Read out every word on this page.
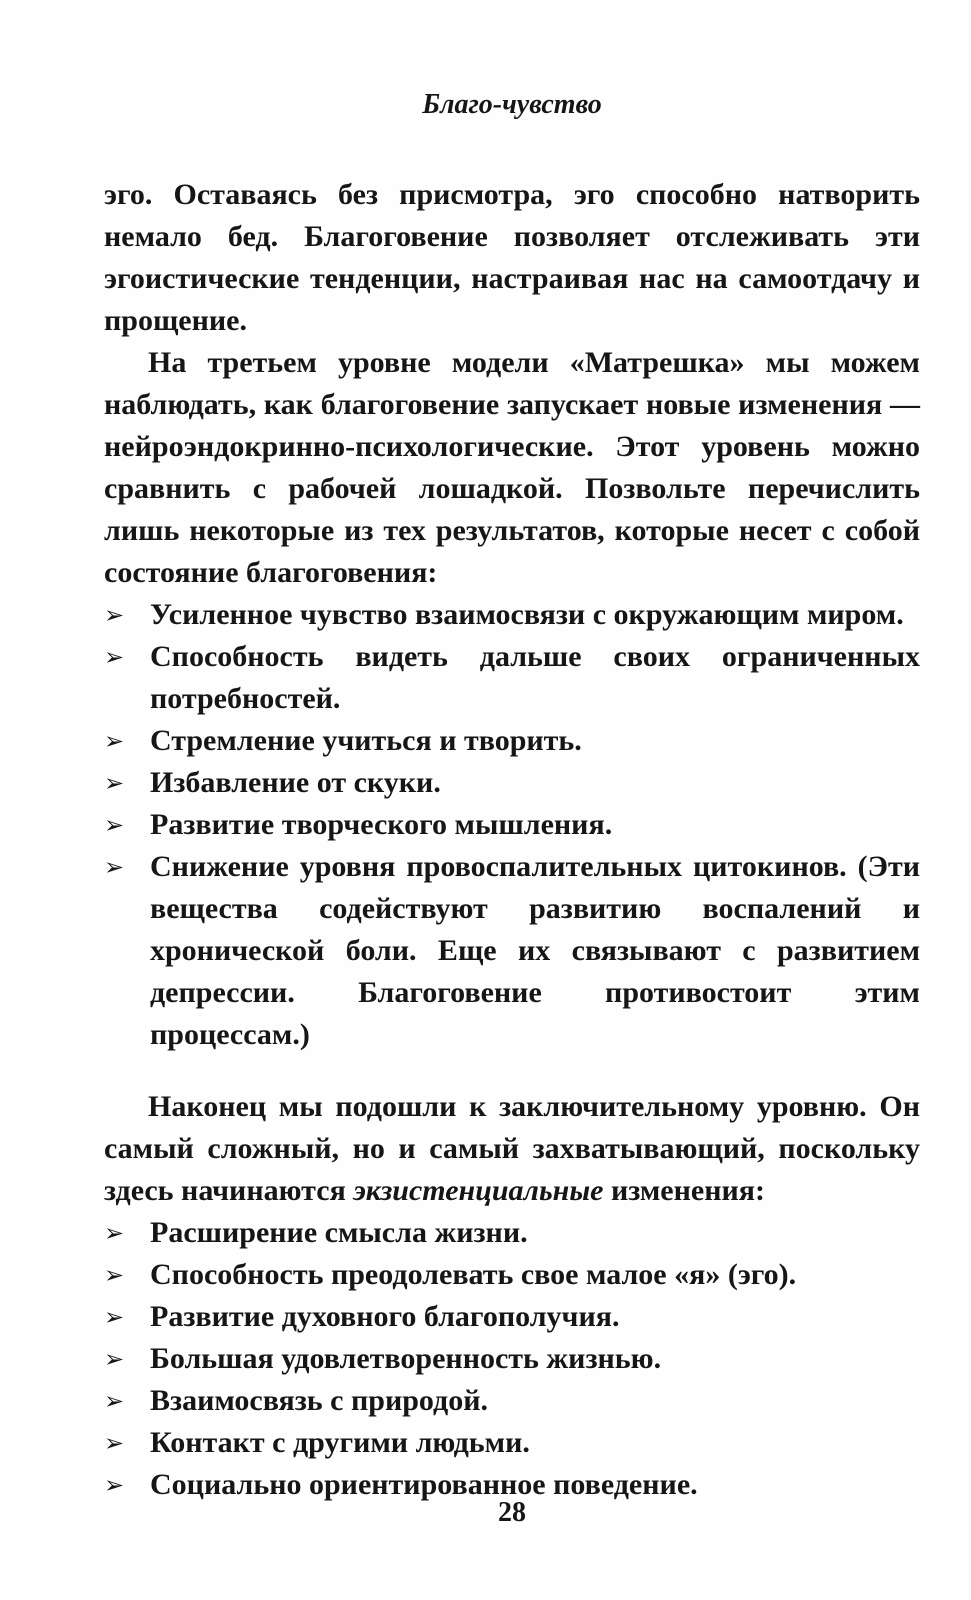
Благо-чувство

эго. Оставаясь без присмотра, эго способно натворить немало бед. Благоговение позволяет отслеживать эти эгоистические тенденции, настраивая нас на самоотдачу и прощение.

На третьем уровне модели «Матрешка» мы можем наблюдать, как благоговение запускает новые изменения — нейроэндокринно-психологические. Этот уровень можно сравнить с рабочей лошадкой. Позвольте перечислить лишь некоторые из тех результатов, которые несет с собой состояние благоговения:

➢ Усиленное чувство взаимосвязи с окружающим миром.
➢ Способность видеть дальше своих ограниченных потребностей.
➢ Стремление учиться и творить.
➢ Избавление от скуки.
➢ Развитие творческого мышления.
➢ Снижение уровня провоспалительных цитокинов. (Эти вещества содействуют развитию воспалений и хронической боли. Еще их связывают с развитием депрессии. Благоговение противостоит этим процессам.)

Наконец мы подошли к заключительному уровню. Он самый сложный, но и самый захватывающий, поскольку здесь начинаются экзистенциальные изменения:

➢ Расширение смысла жизни.
➢ Способность преодолевать свое малое «я» (эго).
➢ Развитие духовного благополучия.
➢ Большая удовлетворенность жизнью.
➢ Взаимосвязь с природой.
➢ Контакт с другими людьми.
➢ Социально ориентированное поведение.
28
